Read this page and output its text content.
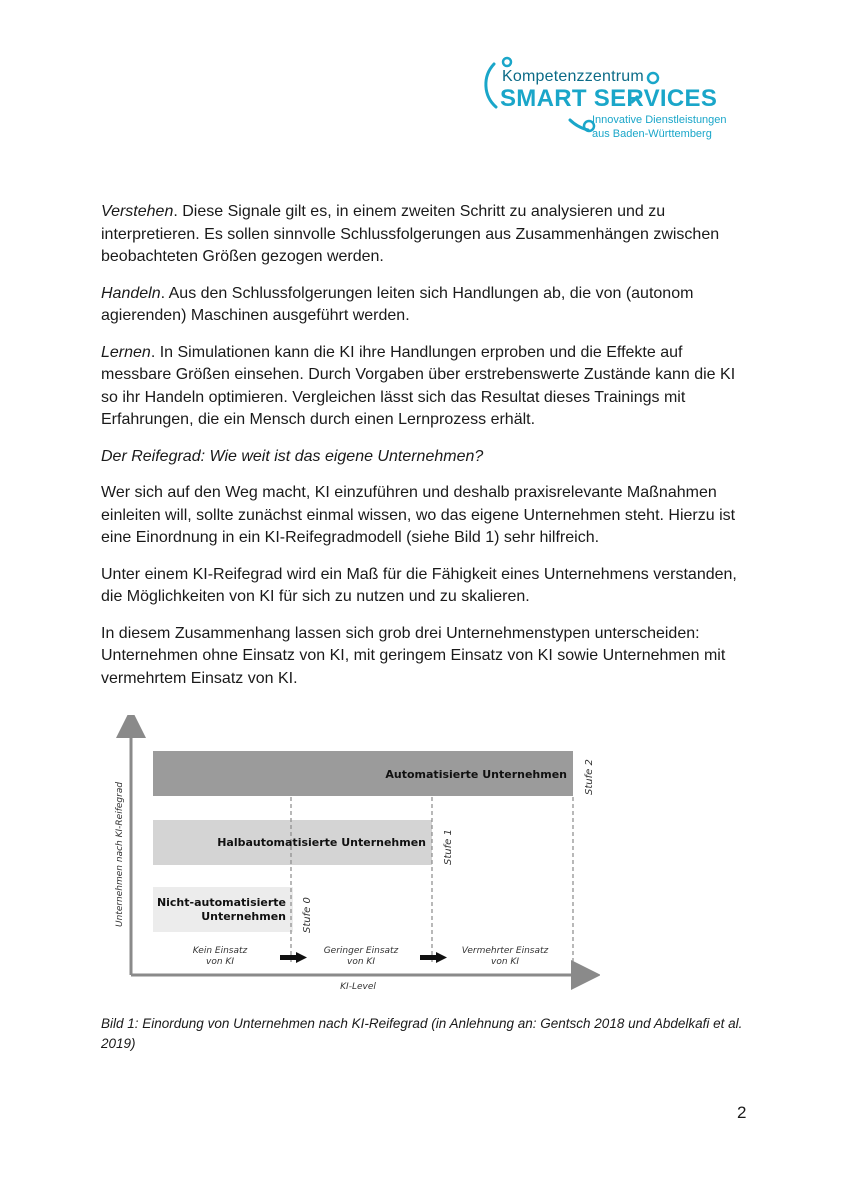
Kompetenzzentrum
SMART SERVICES
Innovative Dienstleistungen
aus Baden-Württemberg

Verstehen. Diese Signale gilt es, in einem zweiten Schritt zu analysieren und zu interpretieren. Es sollen sinnvolle Schlussfolgerungen aus Zusammenhängen zwischen beobachteten Größen gezogen werden.

Handeln. Aus den Schlussfolgerungen leiten sich Handlungen ab, die von (autonom agierenden) Maschinen ausgeführt werden.

Lernen. In Simulationen kann die KI ihre Handlungen erproben und die Effekte auf messbare Größen einsehen. Durch Vorgaben über erstrebenswerte Zustände kann die KI so ihr Handeln optimieren. Vergleichen lässt sich das Resultat dieses Trainings mit Erfahrungen, die ein Mensch durch einen Lernprozess erhält.

Der Reifegrad: Wie weit ist das eigene Unternehmen?

Wer sich auf den Weg macht, KI einzuführen und deshalb praxisrelevante Maßnahmen einleiten will, sollte zunächst einmal wissen, wo das eigene Unternehmen steht. Hierzu ist eine Einordnung in ein KI-Reifegradmodell (siehe Bild 1) sehr hilfreich.

Unter einem KI-Reifegrad wird ein Maß für die Fähigkeit eines Unternehmens verstanden, die Möglichkeiten von KI für sich zu nutzen und zu skalieren.

In diesem Zusammenhang lassen sich grob drei Unternehmenstypen unterscheiden: Unternehmen ohne Einsatz von KI, mit geringem Einsatz von KI sowie Unternehmen mit vermehrtem Einsatz von KI.

Automatisierte Unternehmen
Halbautomatisierte Unternehmen
Nicht-automatisierte
Unternehmen Stufe 0
Stufe 1
Stufe 2
Unternehmen nach KI-Reifegrad
Kein Einsatz
von KI
Geringer Einsatz
von KI
Vermehrter Einsatz
von KI
KI-Level
Bild 1: Einordung von Unternehmen nach KI-Reifegrad (in Anlehnung an: Gentsch 2018 und Abdelkafi et al. 2019)
2
